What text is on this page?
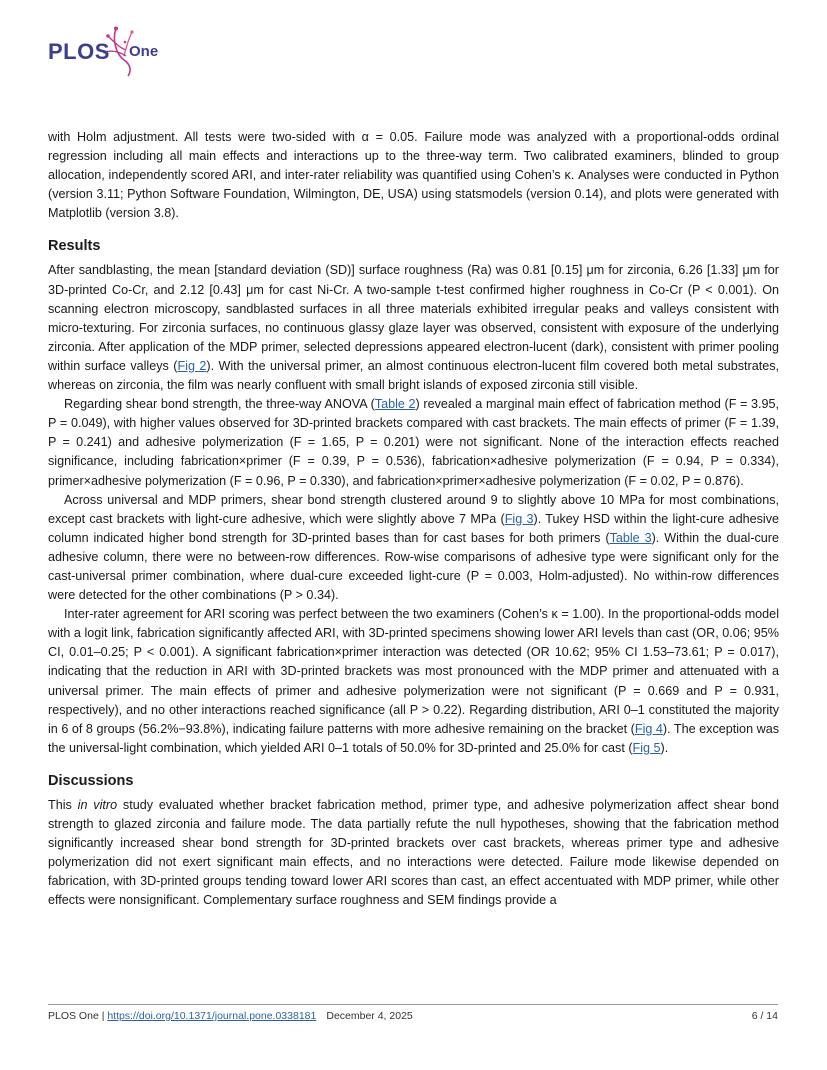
PLOS One

with Holm adjustment. All tests were two-sided with α = 0.05. Failure mode was analyzed with a proportional-odds ordinal regression including all main effects and interactions up to the three-way term. Two calibrated examiners, blinded to group allocation, independently scored ARI, and inter-rater reliability was quantified using Cohen’s κ. Analyses were conducted in Python (version 3.11; Python Software Foundation, Wilmington, DE, USA) using statsmodels (version 0.14), and plots were generated with Matplotlib (version 3.8).

Results

After sandblasting, the mean [standard deviation (SD)] surface roughness (Ra) was 0.81 [0.15] μm for zirconia, 6.26 [1.33] μm for 3D-printed Co-Cr, and 2.12 [0.43] μm for cast Ni-Cr. A two-sample t-test confirmed higher roughness in Co-Cr (P < 0.001). On scanning electron microscopy, sandblasted surfaces in all three materials exhibited irregular peaks and valleys consistent with micro-texturing. For zirconia surfaces, no continuous glassy glaze layer was observed, consistent with exposure of the underlying zirconia. After application of the MDP primer, selected depressions appeared electron-lucent (dark), consistent with primer pooling within surface valleys (Fig 2). With the universal primer, an almost continuous electron-lucent film covered both metal substrates, whereas on zirconia, the film was nearly confluent with small bright islands of exposed zirconia still visible.

Regarding shear bond strength, the three-way ANOVA (Table 2) revealed a marginal main effect of fabrication method (F = 3.95, P = 0.049), with higher values observed for 3D-printed brackets compared with cast brackets. The main effects of primer (F = 1.39, P = 0.241) and adhesive polymerization (F = 1.65, P = 0.201) were not significant. None of the interaction effects reached significance, including fabrication×primer (F = 0.39, P = 0.536), fabrication×adhesive polymerization (F = 0.94, P = 0.334), primer×adhesive polymerization (F = 0.96, P = 0.330), and fabrication×primer×adhesive polymerization (F = 0.02, P = 0.876).

Across universal and MDP primers, shear bond strength clustered around 9 to slightly above 10 MPa for most combinations, except cast brackets with light-cure adhesive, which were slightly above 7 MPa (Fig 3). Tukey HSD within the light-cure adhesive column indicated higher bond strength for 3D-printed bases than for cast bases for both primers (Table 3). Within the dual-cure adhesive column, there were no between-row differences. Row-wise comparisons of adhesive type were significant only for the cast-universal primer combination, where dual-cure exceeded light-cure (P = 0.003, Holm-adjusted). No within-row differences were detected for the other combinations (P > 0.34).

Inter-rater agreement for ARI scoring was perfect between the two examiners (Cohen’s κ = 1.00). In the proportional-odds model with a logit link, fabrication significantly affected ARI, with 3D-printed specimens showing lower ARI levels than cast (OR, 0.06; 95% CI, 0.01–0.25; P < 0.001). A significant fabrication×primer interaction was detected (OR 10.62; 95% CI 1.53–73.61; P = 0.017), indicating that the reduction in ARI with 3D-printed brackets was most pronounced with the MDP primer and attenuated with a universal primer. The main effects of primer and adhesive polymerization were not significant (P = 0.669 and P = 0.931, respectively), and no other interactions reached significance (all P > 0.22). Regarding distribution, ARI 0–1 constituted the majority in 6 of 8 groups (56.2%−93.8%), indicating failure patterns with more adhesive remaining on the bracket (Fig 4). The exception was the universal-light combination, which yielded ARI 0–1 totals of 50.0% for 3D-printed and 25.0% for cast (Fig 5).

Discussions

This in vitro study evaluated whether bracket fabrication method, primer type, and adhesive polymerization affect shear bond strength to glazed zirconia and failure mode. The data partially refute the null hypotheses, showing that the fabrication method significantly increased shear bond strength for 3D-printed brackets over cast brackets, whereas primer type and adhesive polymerization did not exert significant main effects, and no interactions were detected. Failure mode likewise depended on fabrication, with 3D-printed groups tending toward lower ARI scores than cast, an effect accentuated with MDP primer, while other effects were nonsignificant. Complementary surface roughness and SEM findings provide a

PLOS One | https://doi.org/10.1371/journal.pone.0338181 December 4, 2025	6 / 14
